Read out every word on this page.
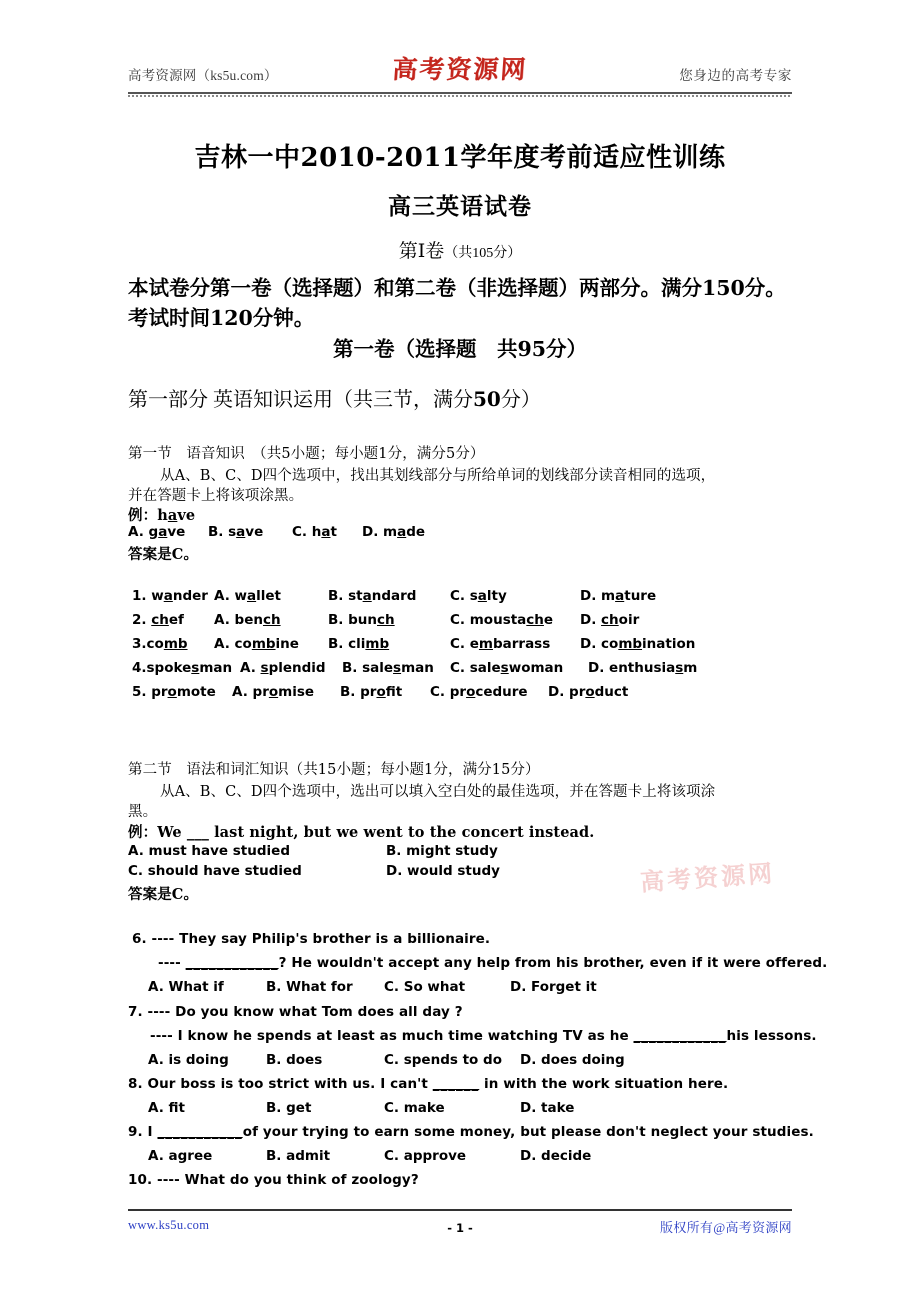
高考资源网（ks5u.com）	高考资源网	您身边的高考专家
吉林一中2010-2011学年度考前适应性训练
高三英语试卷
第Ⅰ卷（共105分）
本试卷分第一卷（选择题）和第二卷（非选择题）两部分。满分150分。考试时间120分钟。
第一卷（选择题　共95分）
第一部分 英语知识运用（共三节，满分50分）
第一节　语音知识　（共5小题；每小题1分，满分5分）
从A、B、C、D四个选项中，找出其划线部分与所给单词的划线部分读音相同的选项，
并在答题卡上将该项涂黑。
例：have
A. gave B. save C. hat D. made
答案是C。
1. wander A. wallet	B. standard C. salty	D. mature
2. chef A. bench	B. bunch	C. moustache D. choir
3.comb A. combine B. climb	C. embarrass D. combination
4.spokesman A. splendid B. salesman C. saleswoman D. enthusiasm
5. promote A. promise B. profit C. procedure D. product
第二节　语法和词汇知识（共15小题；每小题1分，满分15分）
从A、B、C、D四个选项中，选出可以填入空白处的最佳选项，并在答题卡上将该项涂
黑。
例：We ___ last night, but we went to the concert instead.
A. must have studied	B. might study
C. should have studied	D. would study
答案是C。	高考资源网
6. ---- They say Philip's brother is a billionaire.
---- ____________? He wouldn't accept any help from his brother, even if it were offered.
A. What if	B. What for C. So what	D. Forget it
7. ---- Do you know what Tom does all day ?
---- I know he spends at least as much time watching TV as he ____________his lessons.
A. is doing	B. does	C. spends to do D. does doing
8. Our boss is too strict with us. I can't ______ in with the work situation here.
A. fit	B. get	C. make	D. take
9. I ___________of your trying to earn some money, but please don't neglect your studies.
A. agree	B. admit	C. approve	D. decide
10. ---- What do you think of zoology?
www.ks5u.com	- 1 -	版权所有@高考资源网
